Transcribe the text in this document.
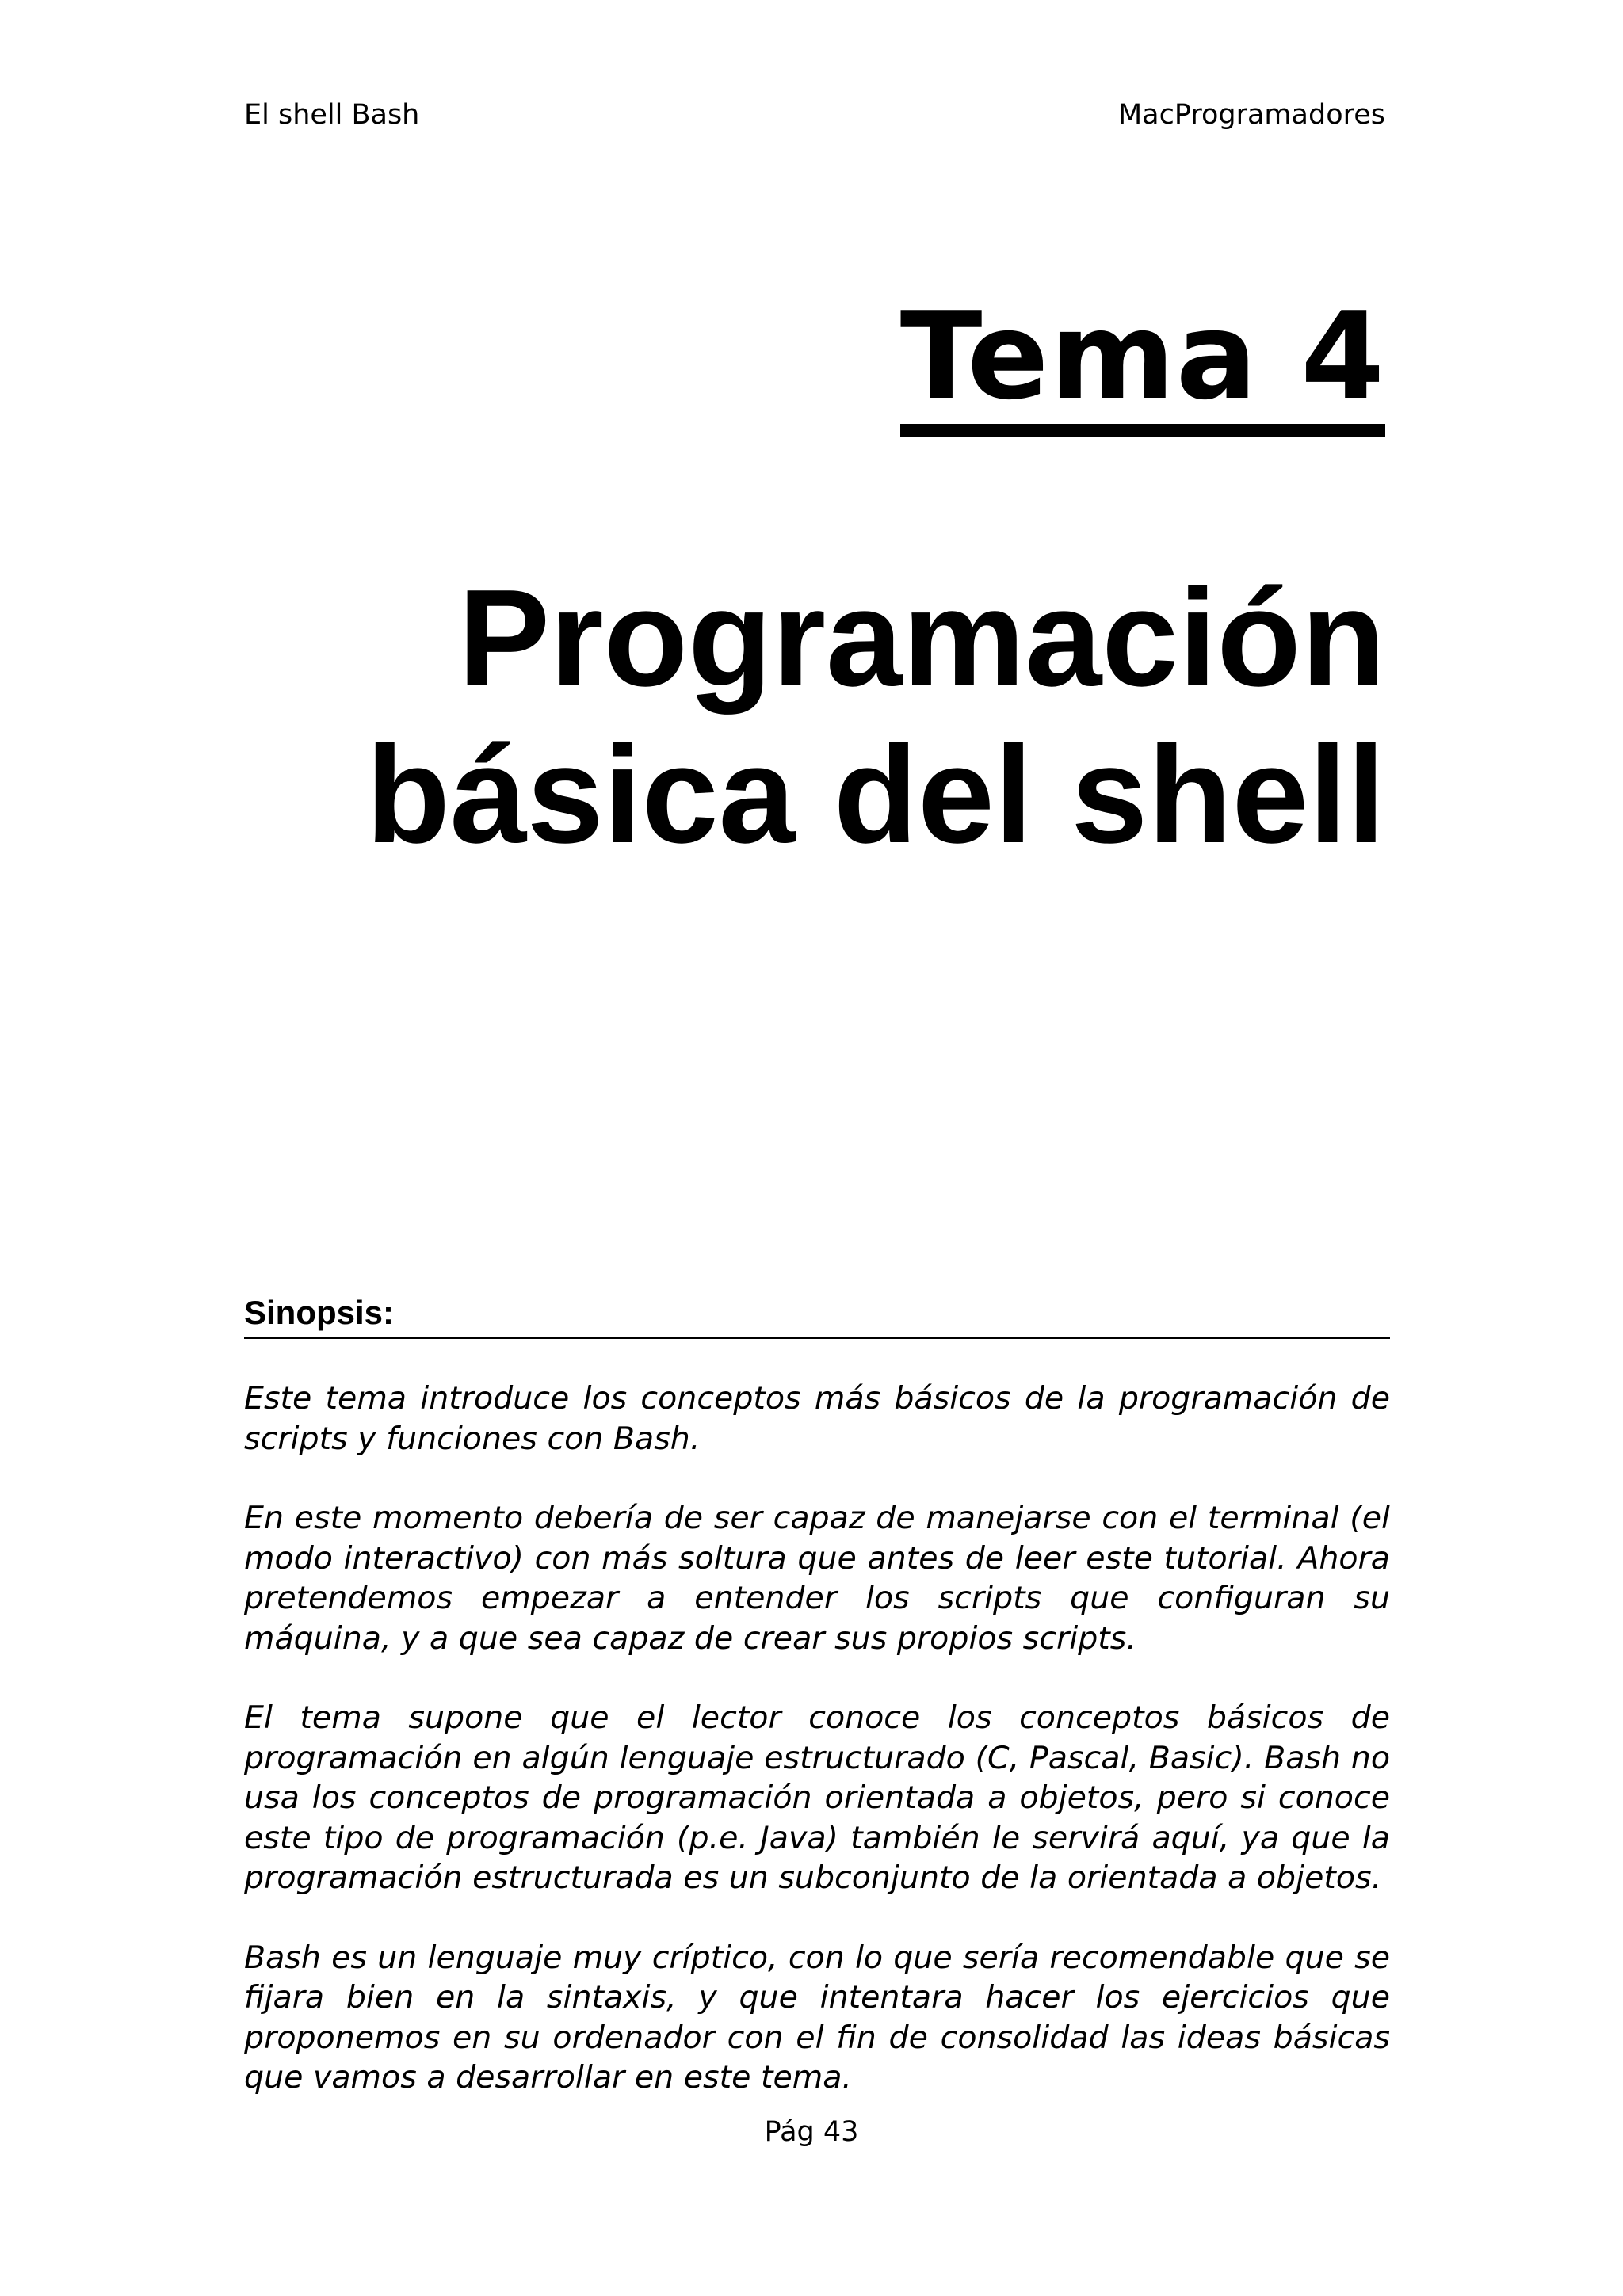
El shell Bash	MacProgramadores
Tema 4
Programación
básica del shell
Sinopsis:

Este tema introduce los conceptos más básicos de la programación de scripts y funciones con Bash.

En este momento debería de ser capaz de manejarse con el terminal (el modo interactivo) con más soltura que antes de leer este tutorial. Ahora pretendemos empezar a entender los scripts que configuran su máquina, y a que sea capaz de crear sus propios scripts.

El tema supone que el lector conoce los conceptos básicos de programación en algún lenguaje estructurado (C, Pascal, Basic). Bash no usa los conceptos de programación orientada a objetos, pero si conoce este tipo de programación (p.e. Java) también le servirá aquí, ya que la programación estructurada es un subconjunto de la orientada a objetos.

Bash es un lenguaje muy críptico, con lo que sería recomendable que se fijara bien en la sintaxis, y que intentara hacer los ejercicios que proponemos en su ordenador con el fin de consolidad las ideas básicas que vamos a desarrollar en este tema.

Pág 43
